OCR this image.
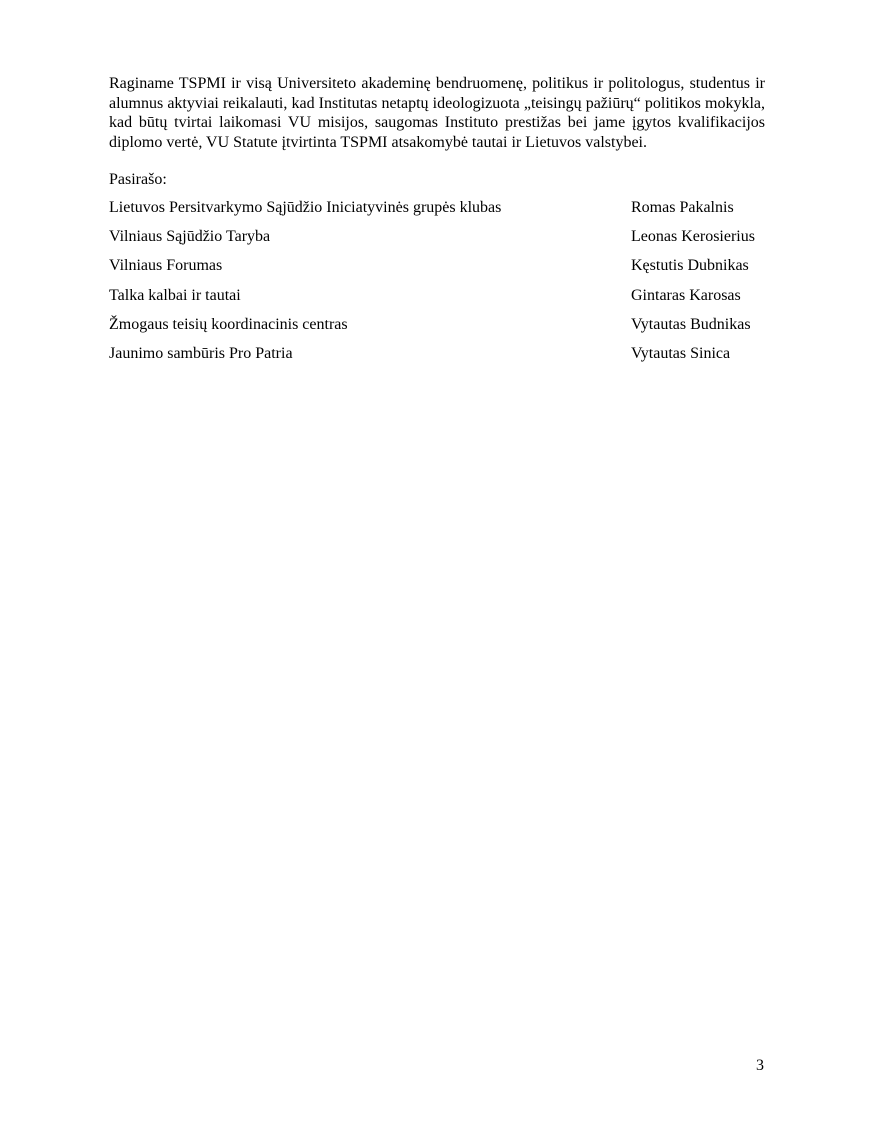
Raginame TSPMI ir visą Universiteto akademinę bendruomenę, politikus ir politologus, studentus ir alumnus aktyviai reikalauti, kad Institutas netaptų ideologizuota „teisingų pažiūrų“ politikos mokykla, kad būtų tvirtai laikomasi VU misijos, saugomas Instituto prestižas bei jame įgytos kvalifikacijos diplomo vertė, VU Statute įtvirtinta TSPMI atsakomybė tautai ir Lietuvos valstybei.

Pasirašo:

Lietuvos Persitvarkymo Sąjūdžio Iniciatyvinės grupės klubas	Romas Pakalnis
Vilniaus Sąjūdžio Taryba	Leonas Kerosierius
Vilniaus Forumas	Kęstutis Dubnikas
Talka kalbai ir tautai	Gintaras Karosas
Žmogaus teisių koordinacinis centras	Vytautas Budnikas
Jaunimo sambūris Pro Patria	Vytautas Sinica
3
